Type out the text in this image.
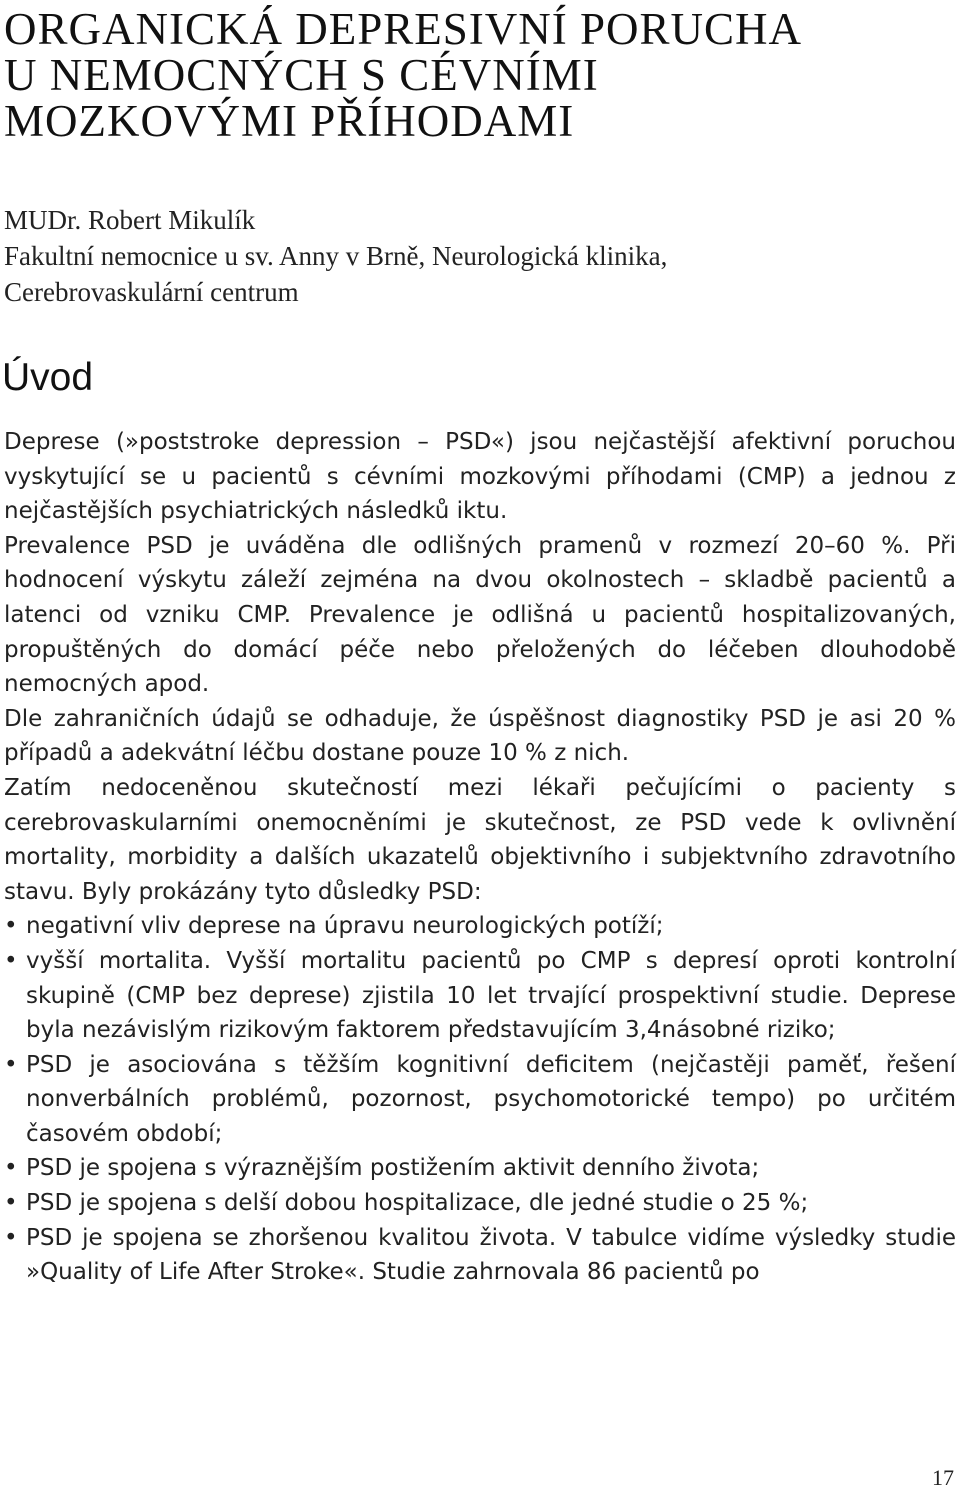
ORGANICKÁ DEPRESIVNÍ PORUCHA
U NEMOCNÝCH S CÉVNÍMI
MOZKOVÝMI PŘÍHODAMI
MUDr. Robert Mikulík
Fakultní nemocnice u sv. Anny v Brně, Neurologická klinika,
Cerebrovaskulární centrum
Úvod

Deprese (»poststroke depression – PSD«) jsou nejčastější afektivní poruchou vyskytující se u pacientů s cévními mozkovými příhodami (CMP) a jednou z nejčastějších psychiatrických následků iktu.

Prevalence PSD je uváděna dle odlišných pramenů v rozmezí 20–60 %. Při hodnocení výskytu záleží zejména na dvou okolnostech – skladbě pacientů a latenci od vzniku CMP. Prevalence je odlišná u pacientů hospitalizovaných, propuštěných do domácí péče nebo přeložených do léčeben dlouhodobě nemocných apod.

Dle zahraničních údajů se odhaduje, že úspěšnost diagnostiky PSD je asi 20 % případů a adekvátní léčbu dostane pouze 10 % z nich.

Zatím nedoceněnou skutečností mezi lékaři pečujícími o pacienty s cerebrovaskularními onemocněními je skutečnost, ze PSD vede k ovlivnění mortality, morbidity a dalších ukazatelů objektivního i subjektvního zdravotního stavu. Byly prokázány tyto důsledky PSD:

• negativní vliv deprese na úpravu neurologických potíží;
• vyšší mortalita. Vyšší mortalitu pacientů po CMP s depresí oproti kontrolní skupině (CMP bez deprese) zjistila 10 let trvající prospektivní studie. Deprese byla nezávislým rizikovým faktorem představujícím 3,4násobné riziko;
• PSD je asociována s těžším kognitivní deficitem (nejčastěji paměť, řešení nonverbálních problémů, pozornost, psychomotorické tempo) po určitém časovém období;
• PSD je spojena s výraznějším postižením aktivit denního života;
• PSD je spojena s delší dobou hospitalizace, dle jedné studie o 25 %;
• PSD je spojena se zhoršenou kvalitou života. V tabulce vidíme výsledky studie »Quality of Life After Stroke«. Studie zahrnovala 86 pacientů po
17
